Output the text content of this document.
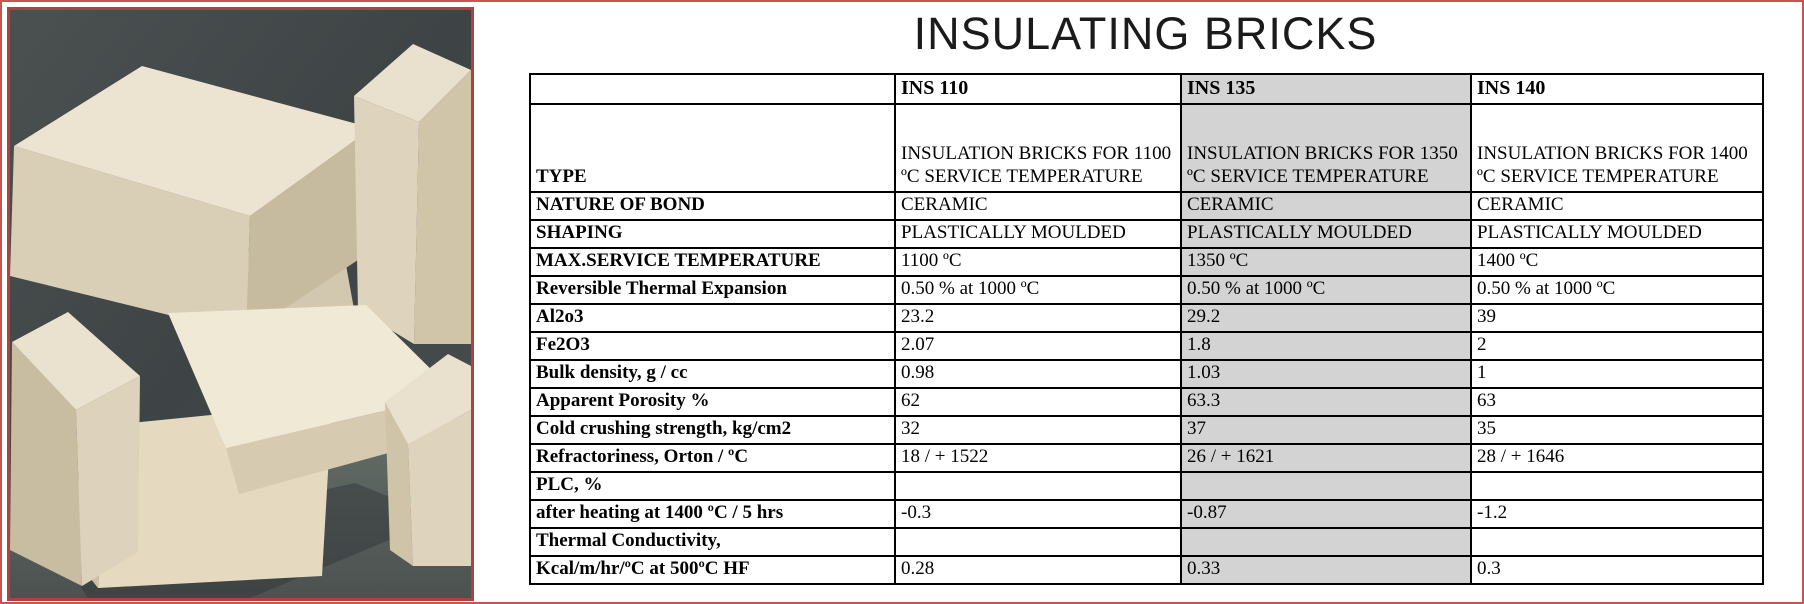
INSULATING BRICKS
	INS 110	INS 135	INS 140
TYPE	INSULATION BRICKS FOR 1100 ºC SERVICE TEMPERATURE	INSULATION BRICKS FOR 1350 ºC SERVICE TEMPERATURE	INSULATION BRICKS FOR 1400 ºC SERVICE TEMPERATURE
NATURE OF BOND	CERAMIC	CERAMIC	CERAMIC
SHAPING	PLASTICALLY MOULDED	PLASTICALLY MOULDED	PLASTICALLY MOULDED
MAX.SERVICE TEMPERATURE	1100 ºC	1350 ºC	1400 ºC
Reversible Thermal Expansion	0.50 % at 1000 ºC	0.50 % at 1000 ºC	0.50 % at 1000 ºC
Al2o3	23.2	29.2	39
Fe2O3	2.07	1.8	2
Bulk density, g / cc	0.98	1.03	1
Apparent Porosity %	62	63.3	63
Cold crushing strength, kg/cm2	32	37	35
Refractoriness, Orton / ºC	18 / + 1522	26 / + 1621	28 / + 1646
PLC, %			
after heating at 1400 ºC / 5 hrs	-0.3	-0.87	-1.2
Thermal Conductivity,			
Kcal/m/hr/ºC at 500ºC HF	0.28	0.33	0.3
